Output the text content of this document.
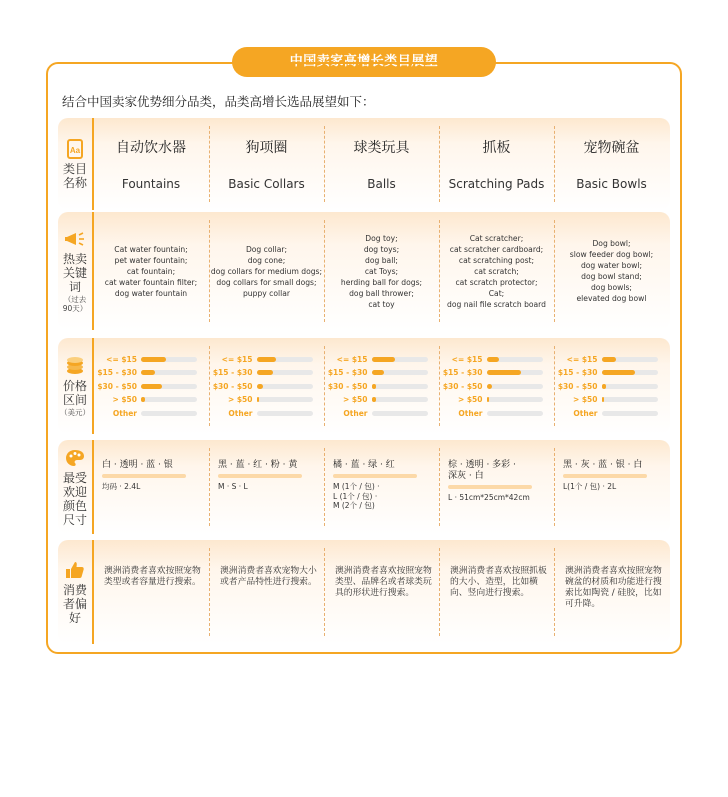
中国卖家高增长类目展望
结合中国卖家优势细分品类，品类高增长选品展望如下：
Aa
类目名称
自动饮水器
Fountains
狗项圈
Basic Collars
球类玩具
Balls
抓板
Scratching Pads
宠物碗盆
Basic Bowls
热卖关键词
（过去90天）
Cat water fountain;
pet water fountain;
cat fountain;
cat water fountain filter;
dog water fountain
Dog collar;
dog cone;
dog collars for medium dogs;
dog collars for small dogs;
puppy collar
Dog toy;
dog toys;
dog ball;
cat Toys;
herding ball for dogs;
dog ball thrower;
cat toy
Cat scratcher;
cat scratcher cardboard;
cat scratching post;
cat scratch;
cat scratch protector;
Cat;
dog nail file scratch board
Dog bowl;
slow feeder dog bowl;
dog water bowl;
dog bowl stand;
dog bowls;
elevated dog bowl
价格区间
（美元）
<= $15
$15 - $30
$30 - $50
> $50
Other
<= $15
$15 - $30
$30 - $50
> $50
Other
<= $15
$15 - $30
$30 - $50
> $50
Other
<= $15
$15 - $30
$30 - $50
> $50
Other
<= $15
$15 - $30
$30 - $50
> $50
Other
最受欢迎颜色尺寸
白 · 透明 · 蓝 · 银
均码 · 2.4L
黑 · 蓝 · 红 · 粉 · 黄
M · S · L
橘 · 蓝 · 绿 · 红
M (1个 / 包) ·
L (1个 / 包) ·
M (2个 / 包)
棕 · 透明 · 多彩 ·
深灰 · 白
L · 51cm*25cm*42cm
黑 · 灰 · 蓝 · 银 · 白
L(1个 / 包) · 2L
消费者偏好
澳洲消费者喜欢按照宠物类型或者容量进行搜索。
澳洲消费者喜欢宠物大小或者产品特性进行搜索。
澳洲消费者喜欢按照宠物类型、品牌名或者球类玩具的形状进行搜索。
澳洲消费者喜欢按照抓板的大小、造型，比如横向、竖向进行搜索。
澳洲消费者喜欢按照宠物碗盆的材质和功能进行搜索比如陶瓷 / 硅胶，比如可升降。
